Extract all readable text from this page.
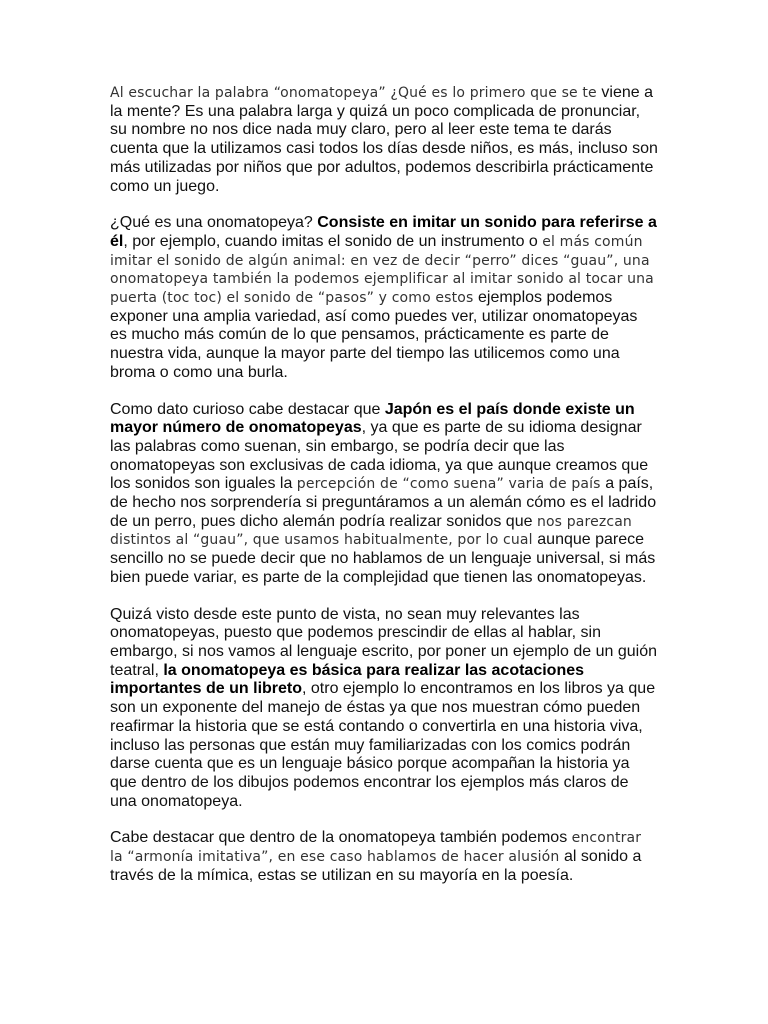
Al escuchar la palabra “onomatopeya” ¿Qué es lo primero que se te viene a la mente? Es una palabra larga y quizá un poco complicada de pronunciar, su nombre no nos dice nada muy claro, pero al leer este tema te darás cuenta que la utilizamos casi todos los días desde niños, es más, incluso son más utilizadas por niños que por adultos, podemos describirla prácticamente como un juego.

¿Qué es una onomatopeya? Consiste en imitar un sonido para referirse a él, por ejemplo, cuando imitas el sonido de un instrumento o el más común imitar el sonido de algún animal: en vez de decir “perro” dices “guau”, una onomatopeya también la podemos ejemplificar al imitar sonido al tocar una puerta (toc toc) el sonido de “pasos” y como estos ejemplos podemos exponer una amplia variedad, así como puedes ver, utilizar onomatopeyas es mucho más común de lo que pensamos, prácticamente es parte de nuestra vida, aunque la mayor parte del tiempo las utilicemos como una broma o como una burla.

Como dato curioso cabe destacar que Japón es el país donde existe un mayor número de onomatopeyas, ya que es parte de su idioma designar las palabras como suenan, sin embargo, se podría decir que las onomatopeyas son exclusivas de cada idioma, ya que aunque creamos que los sonidos son iguales la percepción de “como suena” varia de país a país, de hecho nos sorprendería si preguntáramos a un alemán cómo es el ladrido de un perro, pues dicho alemán podría realizar sonidos que nos parezcan distintos al “guau”, que usamos habitualmente, por lo cual aunque parece sencillo no se puede decir que no hablamos de un lenguaje universal, si más bien puede variar, es parte de la complejidad que tienen las onomatopeyas.

Quizá visto desde este punto de vista, no sean muy relevantes las onomatopeyas, puesto que podemos prescindir de ellas al hablar, sin embargo, si nos vamos al lenguaje escrito, por poner un ejemplo de un guión teatral, la onomatopeya es básica para realizar las acotaciones importantes de un libreto, otro ejemplo lo encontramos en los libros ya que son un exponente del manejo de éstas ya que nos muestran cómo pueden reafirmar la historia que se está contando o convertirla en una historia viva, incluso las personas que están muy familiarizadas con los comics podrán darse cuenta que es un lenguaje básico porque acompañan la historia ya que dentro de los dibujos podemos encontrar los ejemplos más claros de una onomatopeya.

Cabe destacar que dentro de la onomatopeya también podemos encontrar la “armonía imitativa”, en ese caso hablamos de hacer alusión al sonido a través de la mímica, estas se utilizan en su mayoría en la poesía.
